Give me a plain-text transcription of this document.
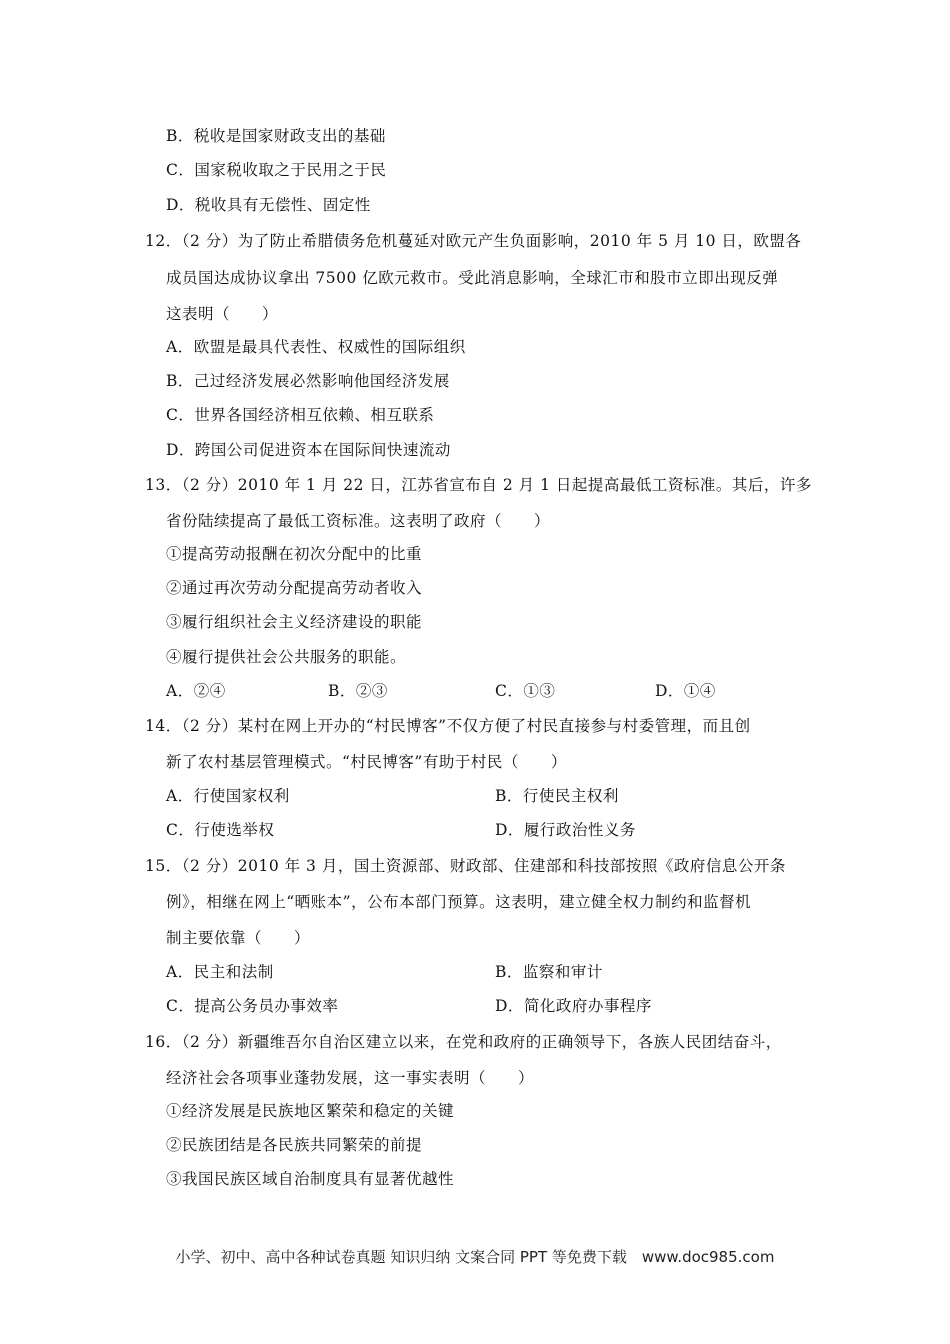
B．税收是国家财政支出的基础
C．国家税收取之于民用之于民
D．税收具有无偿性、固定性
12．（2 分）为了防止希腊债务危机蔓延对欧元产生负面影响，2010 年 5 月 10 日，欧盟各
成员国达成协议拿出 7500 亿欧元救市。受此消息影响，全球汇市和股市立即出现反弹
这表明（　　）
A．欧盟是最具代表性、权威性的国际组织
B．己过经济发展必然影响他国经济发展
C．世界各国经济相互依赖、相互联系
D．跨国公司促进资本在国际间快速流动
13．（2 分）2010 年 1 月 22 日，江苏省宣布自 2 月 1 日起提高最低工资标准。其后，许多
省份陆续提高了最低工资标准。这表明了政府（　　）
①提高劳动报酬在初次分配中的比重
②通过再次劳动分配提高劳动者收入
③履行组织社会主义经济建设的职能
④履行提供社会公共服务的职能。
A．②④	B．②③	C．①③	D．①④
14．（2 分）某村在网上开办的“村民博客”不仅方便了村民直接参与村委管理，而且创
新了农村基层管理模式。“村民博客”有助于村民（　　）
A．行使国家权利	B．行使民主权利
C．行使选举权	D．履行政治性义务
15．（2 分）2010 年 3 月，国土资源部、财政部、住建部和科技部按照《政府信息公开条
例》，相继在网上“晒账本”，公布本部门预算。这表明，建立健全权力制约和监督机
制主要依靠（　　）
A．民主和法制	B．监察和审计
C．提高公务员办事效率	D．简化政府办事程序
16．（2 分）新疆维吾尔自治区建立以来，在党和政府的正确领导下，各族人民团结奋斗，
经济社会各项事业蓬勃发展，这一事实表明（　　）
①经济发展是民族地区繁荣和稳定的关键
②民族团结是各民族共同繁荣的前提
③我国民族区域自治制度具有显著优越性
小学、初中、高中各种试卷真题 知识归纳 文案合同 PPT 等免费下载　www.doc985.com
